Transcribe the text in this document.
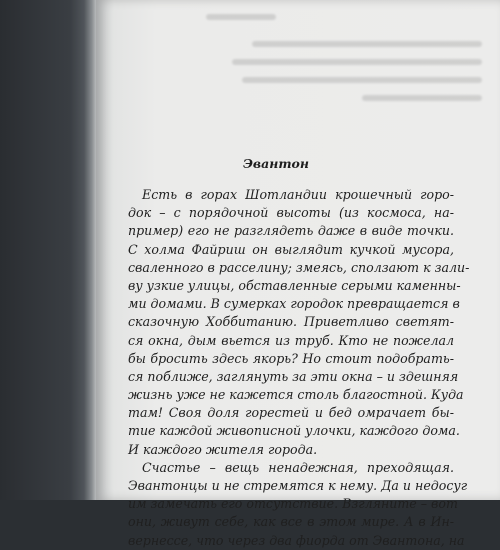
Эвантон
Есть в горах Шотландии крошечный горо-
док – с порядочной высоты (из космоса, на-
пример) его не разглядеть даже в виде точки.
С холма Файриш он выглядит кучкой мусора,
сваленного в расселину; змеясь, сползают к зали-
ву узкие улицы, обставленные серыми каменны-
ми домами. В сумерках городок превращается в
сказочную Хоббитанию. Приветливо светят-
ся окна, дым вьется из труб. Кто не пожелал
бы бросить здесь якорь? Но стоит подобрать-
ся поближе, заглянуть за эти окна – и здешняя
жизнь уже не кажется столь благостной. Куда
там! Своя доля горестей и бед омрачает бы-
тие каждой живописной улочки, каждого дома.
И каждого жителя города.
Счастье – вещь ненадежная, преходящая.
Эвантонцы и не стремятся к нему. Да и недосуг
им замечать его отсутствие. Взгляните – вот
они, живут себе, как все в этом мире. А в Ин-
вернессе, что через два фиорда от Эвантона, на
